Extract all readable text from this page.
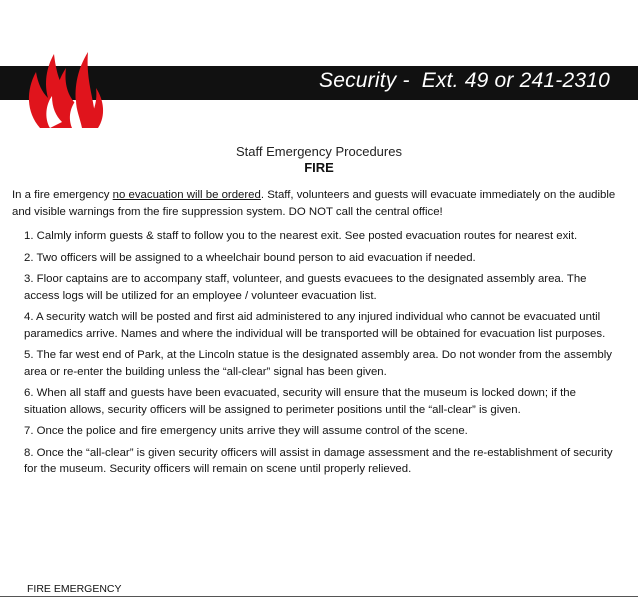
Security -  Ext. 49 or 241-2310
Staff Emergency Procedures
FIRE

In a fire emergency no evacuation will be ordered. Staff, volunteers and guests will evacuate immediately on the audible and visible warnings from the fire suppression system. DO NOT call the central office!

1. Calmly inform guests & staff to follow you to the nearest exit. See posted evacuation routes for nearest exit.
2. Two officers will be assigned to a wheelchair bound person to aid evacuation if needed.
3. Floor captains are to accompany staff, volunteer, and guests evacuees to the designated assembly area. The access logs will be utilized for an employee / volunteer evacuation list.
4. A security watch will be posted and first aid administered to any injured individual who cannot be evacuated until paramedics arrive. Names and where the individual will be transported will be obtained for evacuation list purposes.
5. The far west end of Park, at the Lincoln statue is the designated assembly area. Do not wonder from the assembly area or re-enter the building unless the “all-clear” signal has been given.
6. When all staff and guests have been evacuated, security will ensure that the museum is locked down; if the situation allows, security officers will be assigned to perimeter positions until the “all-clear” is given.
7. Once the police and fire emergency units arrive they will assume control of the scene.
8. Once the “all-clear” is given security officers will assist in damage assessment and the re-establishment of security for the museum. Security officers will remain on scene until properly relieved.
FIRE EMERGENCY
